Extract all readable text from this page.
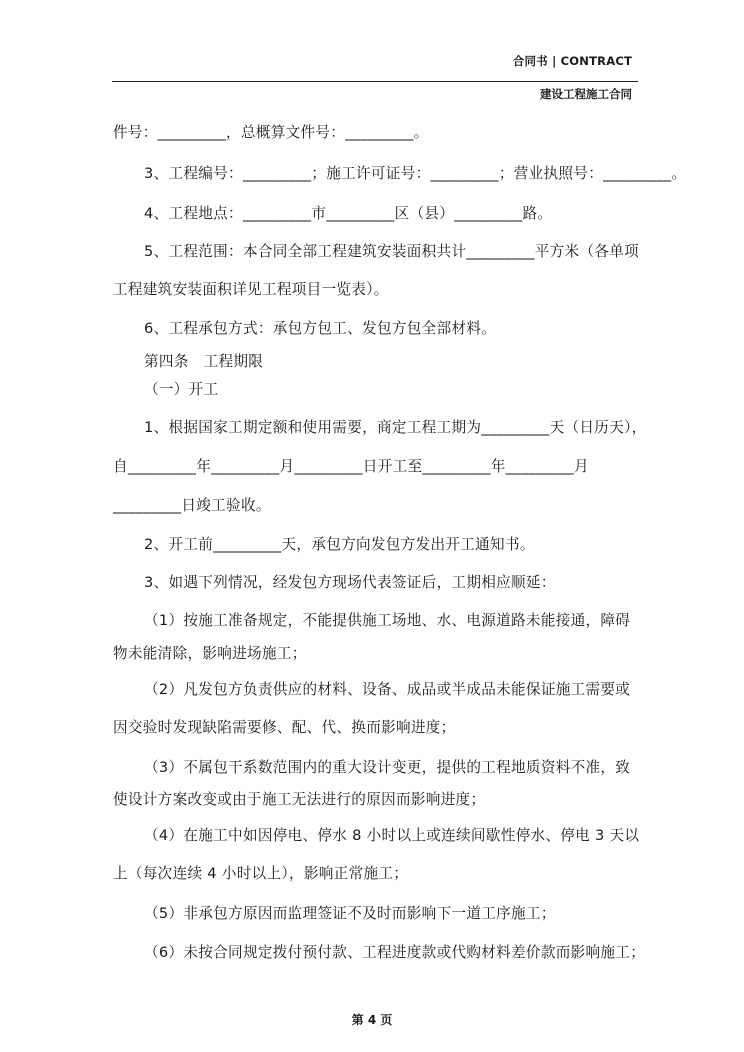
合同书 | CONTRACT
建设工程施工合同
件号：_________，总概算文件号：_________。
3、工程编号：_________；施工许可证号：_________；营业执照号：_________。
4、工程地点：_________市_________区（县）_________路。
5、工程范围：本合同全部工程建筑安装面积共计_________平方米（各单项
工程建筑安装面积详见工程项目一览表）。
6、工程承包方式：承包方包工、发包方包全部材料。
第四条　工程期限
（一）开工
1、根据国家工期定额和使用需要，商定工程工期为_________天（日历天），
自_________年_________月_________日开工至_________年_________月
_________日竣工验收。
2、开工前_________天，承包方向发包方发出开工通知书。
3、如遇下列情况，经发包方现场代表签证后，工期相应顺延：
（1）按施工准备规定，不能提供施工场地、水、电源道路未能接通，障碍
物未能清除，影响进场施工；
（2）凡发包方负责供应的材料、设备、成品或半成品未能保证施工需要或
因交验时发现缺陷需要修、配、代、换而影响进度；
（3）不属包干系数范围内的重大设计变更，提供的工程地质资料不准，致
使设计方案改变或由于施工无法进行的原因而影响进度；
（4）在施工中如因停电、停水 8 小时以上或连续间歇性停水、停电 3 天以
上（每次连续 4 小时以上），影响正常施工；
（5）非承包方原因而监理签证不及时而影响下一道工序施工；
（6）未按合同规定拨付预付款、工程进度款或代购材料差价款而影响施工；
第 4 页
